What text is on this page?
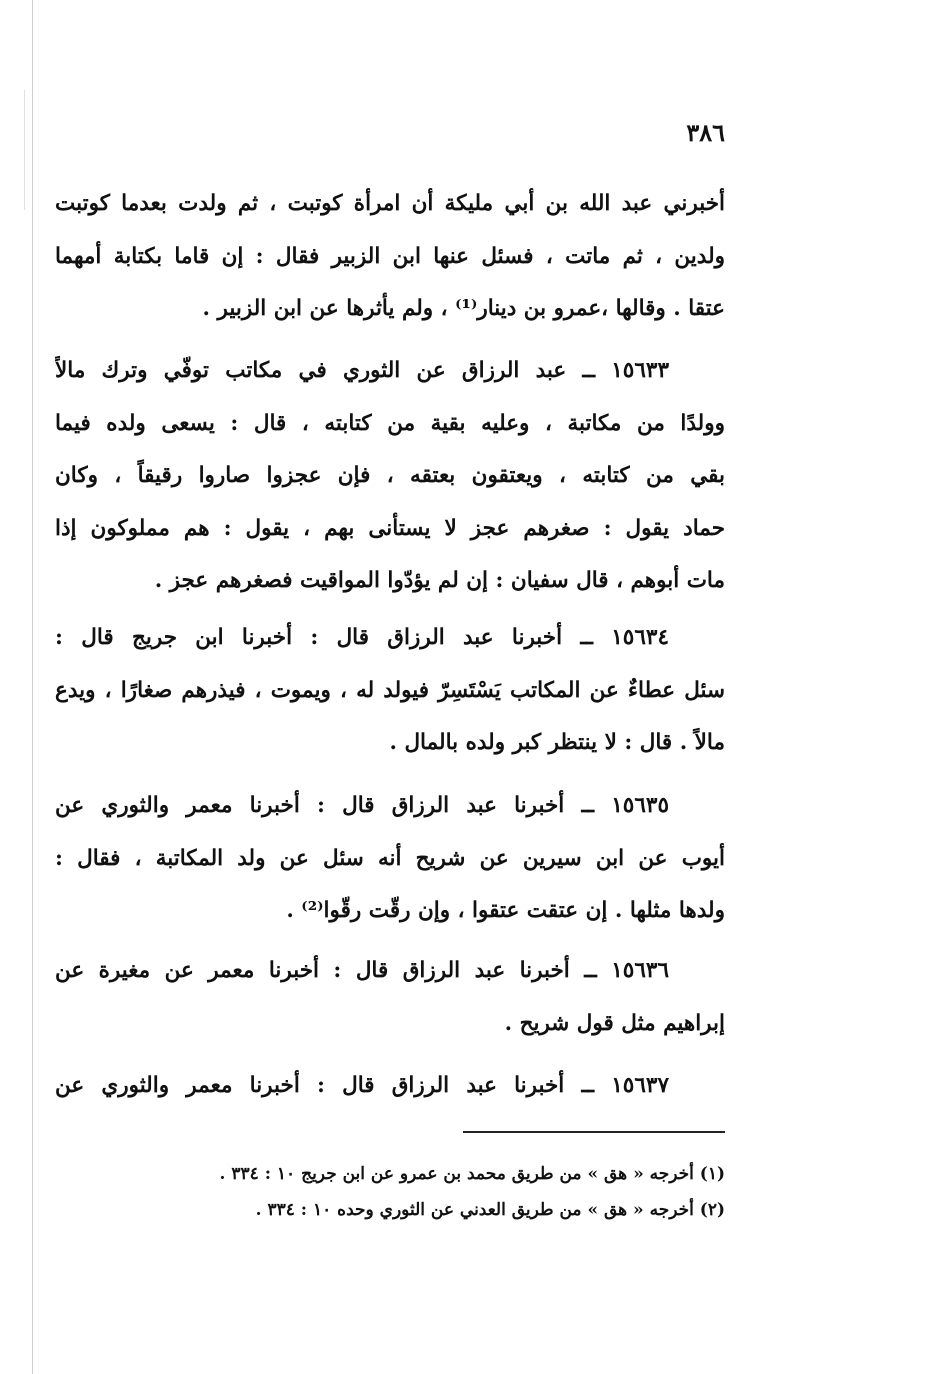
٣٨٦
أخبرني عبد الله بن أبي مليكة أن امرأة كوتبت ، ثم ولدت بعدما كوتبت
ولدين ، ثم ماتت ، فسئل عنها ابن الزبير فقال : إن قاما بكتابة أمهما
عتقا . وقالها ،عمرو بن دينار⁽¹⁾ ، ولم يأثرها عن ابن الزبير .
١٥٦٣٣ ــ عبد الرزاق عن الثوري في مكاتب توفّي وترك مالاً
وولدًا من مكاتبة ، وعليه بقية من كتابته ، قال : يسعى ولده فيما
بقي من كتابته ، ويعتقون بعتقه ، فإن عجزوا صاروا رقيقاً ، وكان
حماد يقول : صغرهم عجز لا يستأنى بهم ، يقول : هم مملوكون إذا
مات أبوهم ، قال سفيان : إن لم يؤدّوا المواقيت فصغرهم عجز .
١٥٦٣٤ ــ أخبرنا عبد الرزاق قال : أخبرنا ابن جريج قال :
سئل عطاءٌ عن المكاتب يَسْتَسِرّ فيولد له ، ويموت ، فيذرهم صغارًا ، ويدع
مالاً . قال : لا ينتظر كبر ولده بالمال .
١٥٦٣٥ ــ أخبرنا عبد الرزاق قال : أخبرنا معمر والثوري عن
أيوب عن ابن سيرين عن شريح أنه سئل عن ولد المكاتبة ، فقال :
ولدها مثلها . إن عتقت عتقوا ، وإن رقّت رقّوا⁽²⁾ .
١٥٦٣٦ ــ أخبرنا عبد الرزاق قال : أخبرنا معمر عن مغيرة عن
إبراهيم مثل قول شريح .
١٥٦٣٧ ــ أخبرنا عبد الرزاق قال : أخبرنا معمر والثوري عن
(١) أخرجه « هق » من طريق محمد بن عمرو عن ابن جريج ١٠ : ٣٣٤ .
(٢) أخرجه « هق » من طريق العدني عن الثوري وحده ١٠ : ٣٣٤ .
